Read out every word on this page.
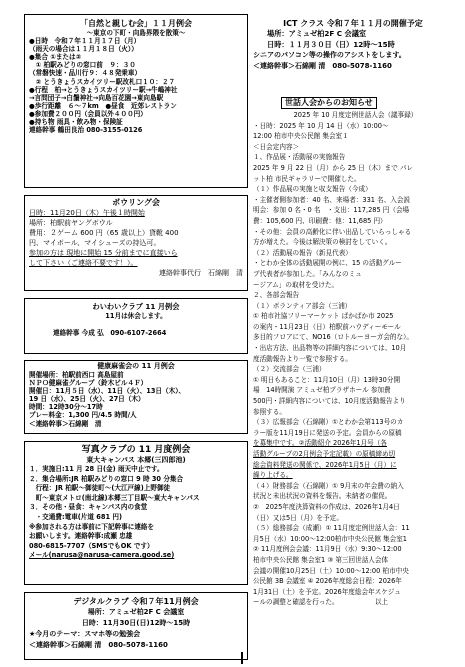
「自然と親しむ会」１１月例会
〜東京の下町・向島界隈を散策〜
●日時　令和７年１１月１７日（月）
（雨天の場合は１１月１８日（火））
●集合 ①または②
　① 柏駅みどりの窓口前　９：３０
（常磐快速・品川行９：４８発乗車）
　② とうきょうスカイツリー駅改札口１０：２７
●行程　柏→とうきょうスカイツリー駅→牛嶋神社
→言問団子→白鬚神社→向島百花園→東向島駅
●歩行距離　６〜７km　●昼食　近郊レストラン
●参加費２００円（会員以外４００円）
●持ち物 雨具・飲み物・保険証
連絡幹事 鶴田良治 080-3155-0126
ボウリング会
日時：11月20日（木）午後１時開始
場所：柏駅前ヤングボウル
費用：２ゲーム 600 円（65 歳以上）貸靴 400
円、マイボール、マイシューズの持込可。
参加の方は 現地に開始 15 分前までに直接いら
して下さい（ご連絡不要です！）。
連絡幹事代行　石綿剛　清
わいわいクラブ 11 月例会
11月は休会します。
連絡幹事 今成 弘　090-6107-2664
健康麻雀会の 11 月例会
開催場所：柏駅前西口 高島屋前
ＮＰＯ健麻雀グループ（鈴木ビル４Ｆ）
開催日：11月５日（水）、11日（火）、13日（木）、
19 日（水）、25日（火）、27日（木）
時間：12時30分〜17時
プレー料金：1,300 円/4.5 時間/人
＜連絡幹事＞石綿剛　清
写真クラブの 11 月度例会
東大キャンパス 本郷(三四郎池)
１．実施日:11 月 28 日(金) 雨天中止です。
２．集合場所:JR 柏駅みどりの窓口 9 時 30 分集合
　行程：JR 柏駅〜御徒町〜(大江戸線)上野御徒
　町〜東京メトロ(南北線)本郷三丁目駅〜東大キャンパス
３．その他・昼食：キャンパス内の食堂
　・交通費:電車(片道 681 円)
※参加される方は事前に下記幹事に連絡を
お願いします。連絡幹事:成瀬 忠雄
080-6815-7707（SMSでもOK です）
メール(narusa@narusa-camera.good.se)
デジタルクラブ 令和７年11月例会
場所：アミュゼ柏2F C 会議室
日時：11月30日(日)12時〜15時
★今月のテーマ：スマホ等の勉強会
＜連絡幹事＞石綿剛 清　080-5078-1160
ICT クラス 令和７年１１月の開催予定
場所：アミュゼ柏2F C 会議室
日時：１１月３０日（日）12時〜15時
シニアのパソコン等の操作のアシストをします。
＜連絡幹事＞石綿剛 清　080-5078-1160
世話人会からのお知らせ
2025 年 10 月度定例世話人会（議事録）
・日時：2025 年 10 月 14 日（水）10:00〜
12:00 柏市中央公民館 集会室１
＜日会定内容＞
１、作品展・活動展の実施報告
2025 年 9 月 22 日（月）から 25 日（木）まで パレ
ット柏 市民ギャラリーで開催した。
（１）作品展の実施と収支報告（今成）
・主催者側参加者：40 名、来場者：331 名、入会説
明会：参加 0 名・0 名　・支出：117,285 円（会場
費：105,600 円、印刷費：他：11,685 円）
・その他：会員の高齢化に伴い出品していらっしゃる
方が増えた。今後は解決策の検討をしていく。
（２）活動展の報告（新見代表）
・とわか全体の活動展開の例に、15 の活動グルー
プ代表者が参加した。「みんなのミュ
ージアム」の取材を受けた。
２、各部会報告
（１）ボランティア部会（三浦）
① 柏市社協フリーマーケット ぱかぱか市 2025
の案内・11月23日（日）柏駅前ハウディーモール
多目的フロアにて、NO16（ロトルーヨーガ会的な）。
・出店方法、出品物等の詳細内容については、10月
度活動報告より一覧で参照する。
（２）交流部会（三浦）
① 明日もあること：11月10日（月）13時30分開
場　14時開演 アミュゼ柏プラザホール 参加費
500円・詳細内容については、10月度活動報告より
参照する。
（３）広報部会（石綿剛）①とわか会第113号のカ
ラー版を11月19日に発送の予定。会員からの原稿
を募集中です。②活動紹介 2026年1月号（各
活動グループの2月例会予定記載）の原稿締め切
総会資料発送の関係で、2026年1月5日（月）に
繰り上げる。
（４）財務部会（石綿剛）① 9月末の年会費の納入
状況と未出状況の資料を報告。未納者の催促。
②　2025年度決算資料の作成は、2026年1月4日
（日）又は5日（月）を予定。
（５）総務部会（成瀬）① 11月度定例世話人会：11
月5日（水）10:00〜12:00柏市中央公民館 集会室1
② 11月度例会会議：11月9日（水）9:30〜12:00
柏市中央公民館 集会室1 ③ 第三回世話人会体
会議の開催10月25日（土）10:00〜12:00 柏市中央
公民館 3B 会議室 ④ 2026年度総会日程：2026年
1月31日（土）を予定。2026年度総会年スケジュ
ールの調整と確認を行った。　　　　　　以上
